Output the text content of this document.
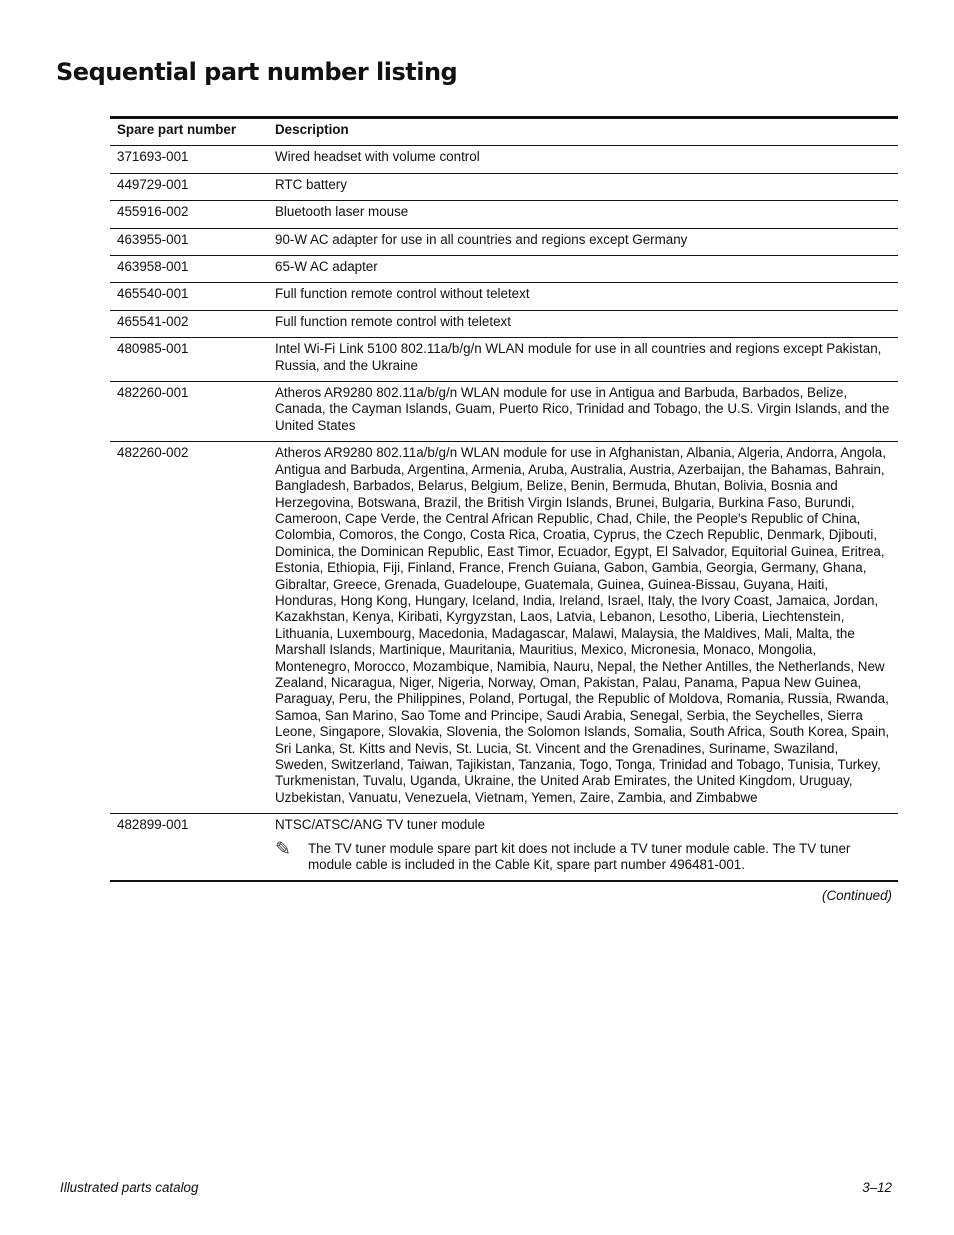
Sequential part number listing
Spare part number	Description
371693-001	Wired headset with volume control
449729-001	RTC battery
455916-002	Bluetooth laser mouse
463955-001	90-W AC adapter for use in all countries and regions except Germany
463958-001	65-W AC adapter
465540-001	Full function remote control without teletext
465541-002	Full function remote control with teletext
480985-001	Intel Wi-Fi Link 5100 802.11a/b/g/n WLAN module for use in all countries and regions except Pakistan, Russia, and the Ukraine
482260-001	Atheros AR9280 802.11a/b/g/n WLAN module for use in Antigua and Barbuda, Barbados, Belize, Canada, the Cayman Islands, Guam, Puerto Rico, Trinidad and Tobago, the U.S. Virgin Islands, and the United States
482260-002	Atheros AR9280 802.11a/b/g/n WLAN module for use in Afghanistan, Albania, Algeria, Andorra, Angola, Antigua and Barbuda, Argentina, Armenia, Aruba, Australia, Austria, Azerbaijan, the Bahamas, Bahrain, Bangladesh, Barbados, Belarus, Belgium, Belize, Benin, Bermuda, Bhutan, Bolivia, Bosnia and Herzegovina, Botswana, Brazil, the British Virgin Islands, Brunei, Bulgaria, Burkina Faso, Burundi, Cameroon, Cape Verde, the Central African Republic, Chad, Chile, the People's Republic of China, Colombia, Comoros, the Congo, Costa Rica, Croatia, Cyprus, the Czech Republic, Denmark, Djibouti, Dominica, the Dominican Republic, East Timor, Ecuador, Egypt, El Salvador, Equitorial Guinea, Eritrea, Estonia, Ethiopia, Fiji, Finland, France, French Guiana, Gabon, Gambia, Georgia, Germany, Ghana, Gibraltar, Greece, Grenada, Guadeloupe, Guatemala, Guinea, Guinea-Bissau, Guyana, Haiti, Honduras, Hong Kong, Hungary, Iceland, India, Ireland, Israel, Italy, the Ivory Coast, Jamaica, Jordan, Kazakhstan, Kenya, Kiribati, Kyrgyzstan, Laos, Latvia, Lebanon, Lesotho, Liberia, Liechtenstein, Lithuania, Luxembourg, Macedonia, Madagascar, Malawi, Malaysia, the Maldives, Mali, Malta, the Marshall Islands, Martinique, Mauritania, Mauritius, Mexico, Micronesia, Monaco, Mongolia, Montenegro, Morocco, Mozambique, Namibia, Nauru, Nepal, the Nether Antilles, the Netherlands, New Zealand, Nicaragua, Niger, Nigeria, Norway, Oman, Pakistan, Palau, Panama, Papua New Guinea, Paraguay, Peru, the Philippines, Poland, Portugal, the Republic of Moldova, Romania, Russia, Rwanda, Samoa, San Marino, Sao Tome and Principe, Saudi Arabia, Senegal, Serbia, the Seychelles, Sierra Leone, Singapore, Slovakia, Slovenia, the Solomon Islands, Somalia, South Africa, South Korea, Spain, Sri Lanka, St. Kitts and Nevis, St. Lucia, St. Vincent and the Grenadines, Suriname, Swaziland, Sweden, Switzerland, Taiwan, Tajikistan, Tanzania, Togo, Tonga, Trinidad and Tobago, Tunisia, Turkey, Turkmenistan, Tuvalu, Uganda, Ukraine, the United Arab Emirates, the United Kingdom, Uruguay, Uzbekistan, Vanuatu, Venezuela, Vietnam, Yemen, Zaire, Zambia, and Zimbabwe
482899-001	NTSC/ATSC/ANG TV tuner module
✎ The TV tuner module spare part kit does not include a TV tuner module cable. The TV tuner module cable is included in the Cable Kit, spare part number 496481-001.
(Continued)
Illustrated parts catalog	3–12
